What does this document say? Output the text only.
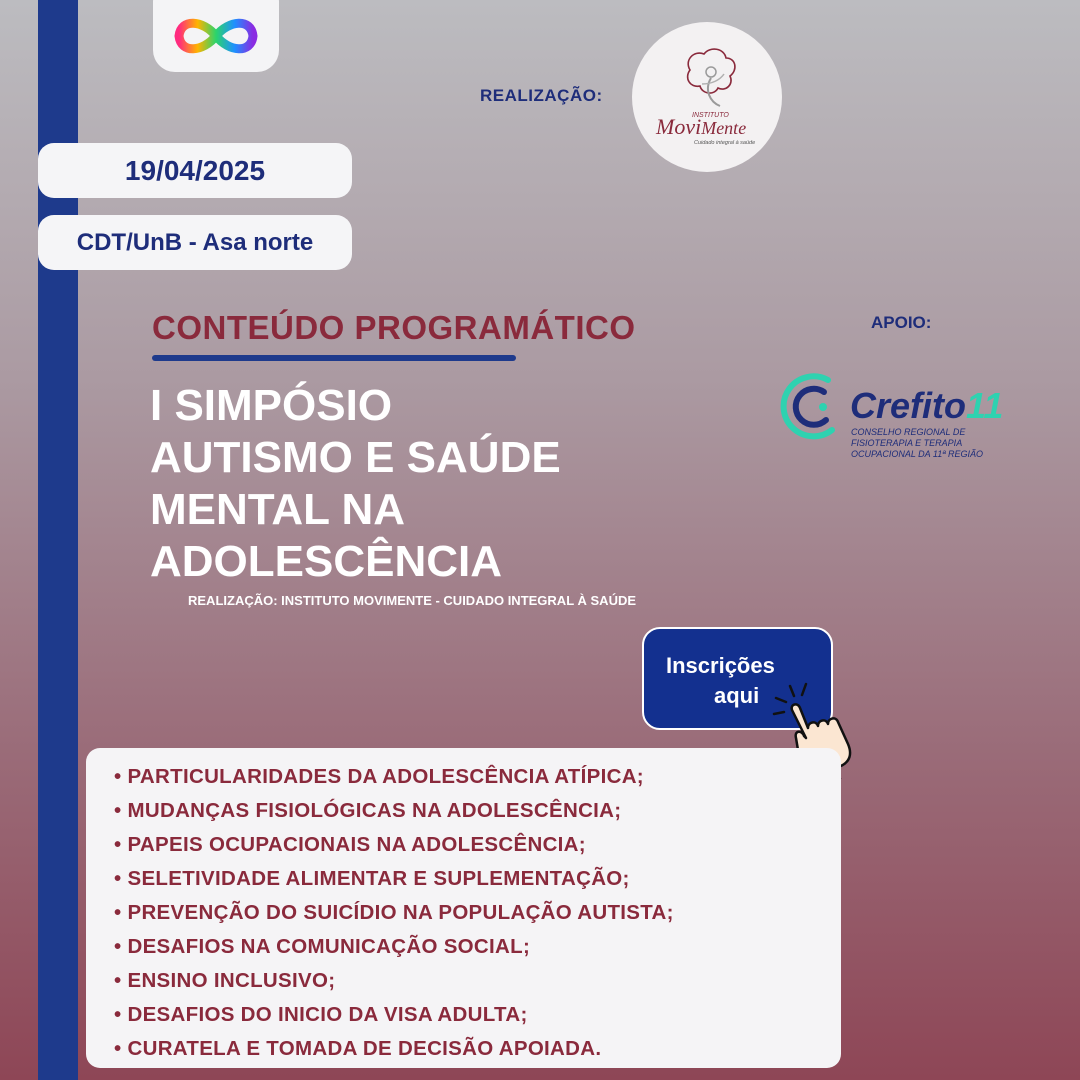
REALIZAÇÃO:
INSTITUTO
MoviMente
Cuidado integral à saúde
19/04/2025
CDT/UnB - Asa norte
CONTEÚDO PROGRAMÁTICO
I SIMPÓSIO
AUTISMO E SAÚDE
MENTAL NA
ADOLESCÊNCIA
REALIZAÇÃO: INSTITUTO MOVIMENTE - CUIDADO INTEGRAL À SAÚDE
APOIO:
Crefito11
CONSELHO REGIONAL DE
FISIOTERAPIA E TERAPIA
OCUPACIONAL DA 11ª REGIÃO
Inscrições
aqui
• PARTICULARIDADES DA ADOLESCÊNCIA ATÍPICA;
• MUDANÇAS FISIOLÓGICAS NA ADOLESCÊNCIA;
• PAPEIS OCUPACIONAIS NA ADOLESCÊNCIA;
• SELETIVIDADE ALIMENTAR E SUPLEMENTAÇÃO;
• PREVENÇÃO DO SUICÍDIO NA POPULAÇÃO AUTISTA;
• DESAFIOS NA COMUNICAÇÃO SOCIAL;
• ENSINO INCLUSIVO;
• DESAFIOS DO INICIO DA VISA ADULTA;
• CURATELA E TOMADA DE DECISÃO APOIADA.
